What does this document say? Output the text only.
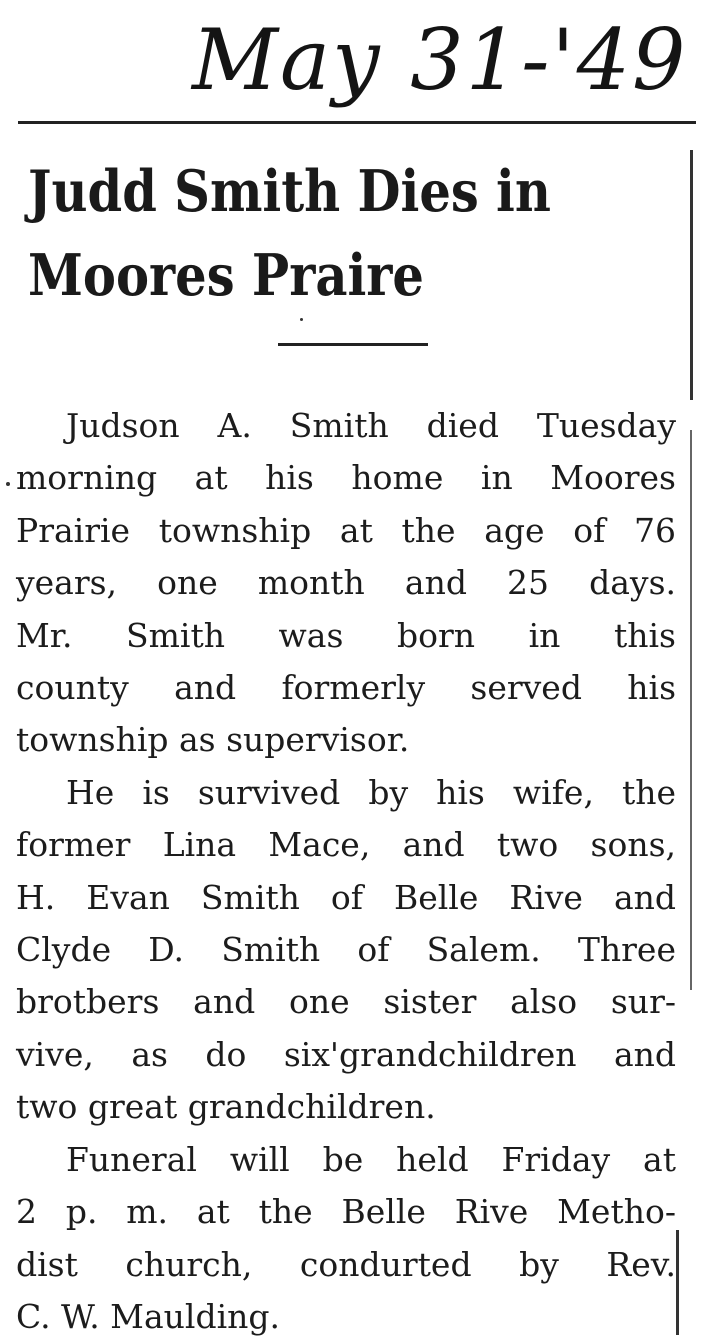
May 31-'49
Judd Smith Dies in
Moores Praire

Judson A. Smith died Tuesday
morning at his home in Moores
Prairie township at the age of 76
years, one month and 25 days.
Mr. Smith was born in this
county and formerly served his
township as supervisor.

He is survived by his wife, the
former Lina Mace, and two sons,
H. Evan Smith of Belle Rive and
Clyde D. Smith of Salem. Three
brotbers and one sister also sur-
vive, as do six'grandchildren and
two great grandchildren.

Funeral will be held Friday at
2 p. m. at the Belle Rive Metho-
dist church, condurted by Rev.
C. W. Maulding.
